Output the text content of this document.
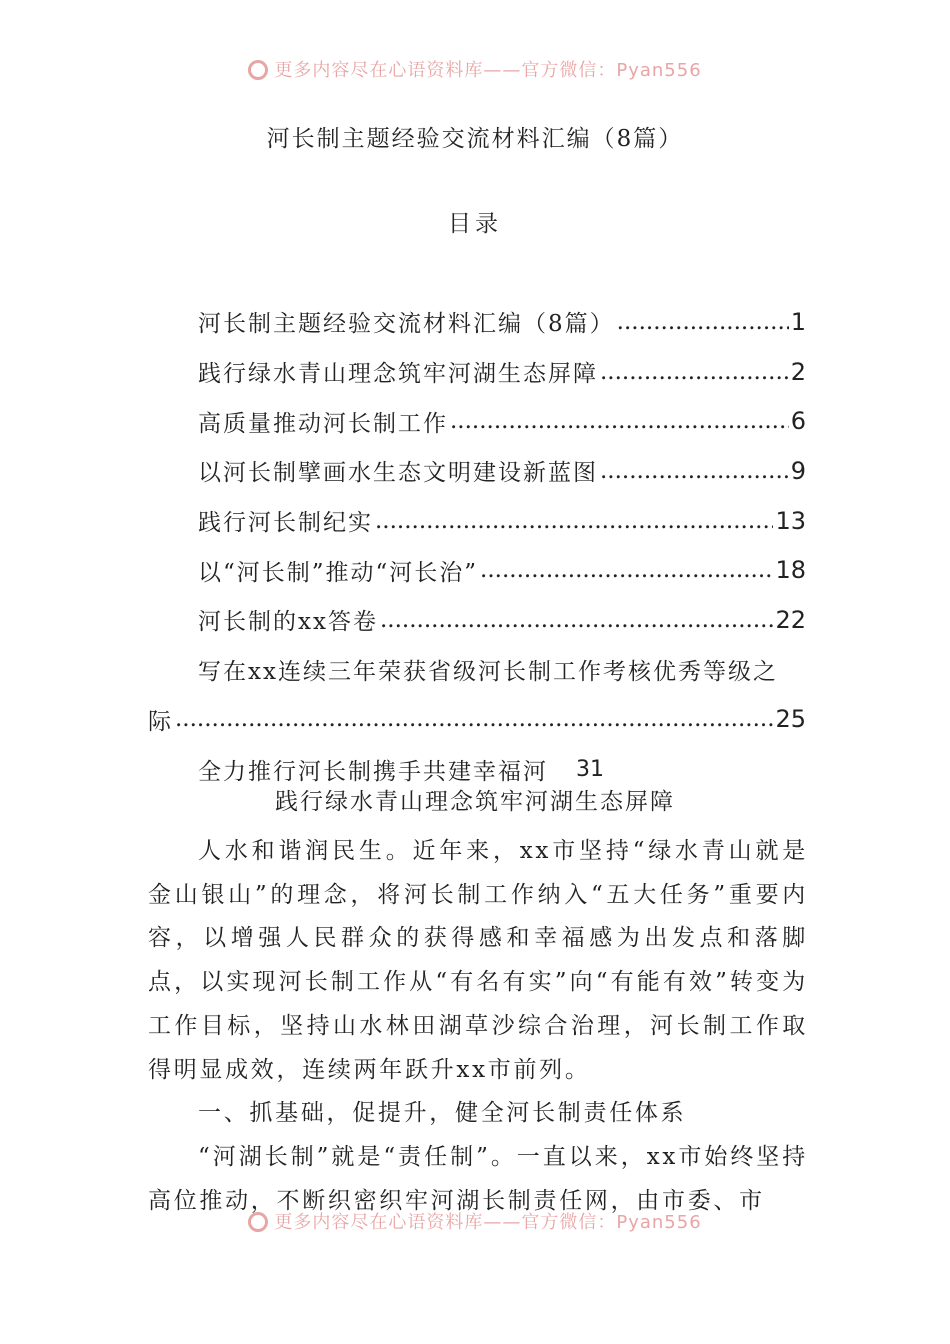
更多内容尽在心语资料库——官方微信：Pyan556
河长制主题经验交流材料汇编（8篇）
目录
河长制主题经验交流材料汇编（8篇） .....	1
践行绿水青山理念筑牢河湖生态屏障 .....	2
高质量推动河长制工作 .....	6
以河长制擘画水生态文明建设新蓝图 .....	9
践行河长制纪实 .....	13
以“河长制”推动“河长治” .....	18
河长制的xx答卷 .....	22
写在xx连续三年荣获省级河长制工作考核优秀等级之
际 .....	25
全力推行河长制携手共建幸福河 31
践行绿水青山理念筑牢河湖生态屏障

人水和谐润民生。近年来，xx市坚持“绿水青山就是金山银山”的理念，将河长制工作纳入“五大任务”重要内容，以增强人民群众的获得感和幸福感为出发点和落脚点，以实现河长制工作从“有名有实”向“有能有效”转变为工作目标，坚持山水林田湖草沙综合治理，河长制工作取得明显成效，连续两年跃升xx市前列。

一、抓基础，促提升，健全河长制责任体系

“河湖长制”就是“责任制”。一直以来，xx市始终坚持高位推动，不断织密织牢河湖长制责任网，由市委、市

更多内容尽在心语资料库——官方微信：Pyan556
